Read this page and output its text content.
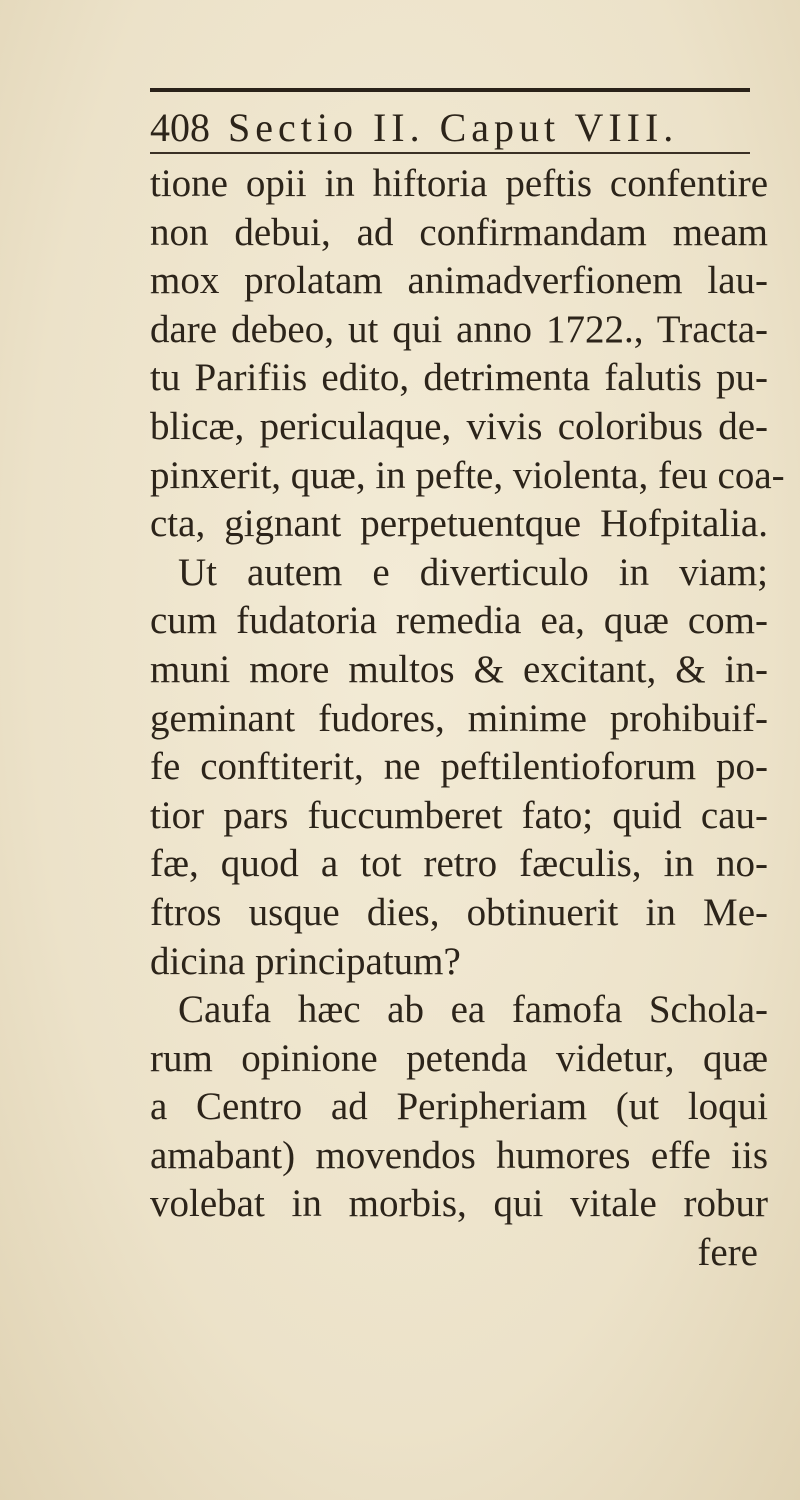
408 Sectio II. Caput VIII.
tione opii in hiftoria peftis confentire
non debui, ad confirmandam meam
mox prolatam animadverfionem lau-
dare debeo, ut qui anno 1722., Tracta-
tu Parifiis edito, detrimenta falutis pu-
blicæ, periculaque, vivis coloribus de-
pinxerit, quæ, in pefte, violenta, feu coa-
cta, gignant perpetuentque Hofpitalia.
Ut autem e diverticulo in viam;
cum fudatoria remedia ea, quæ com-
muni more multos & excitant, & in-
geminant fudores, minime prohibuif-
fe conftiterit, ne peftilentioforum po-
tior pars fuccumberet fato; quid cau-
fæ, quod a tot retro fæculis, in no-
ftros usque dies, obtinuerit in Me-
dicina principatum?
Caufa hæc ab ea famofa Schola-
rum opinione petenda videtur, quæ
a Centro ad Peripheriam (ut loqui
amabant) movendos humores effe iis
volebat in morbis, qui vitale robur
fere
